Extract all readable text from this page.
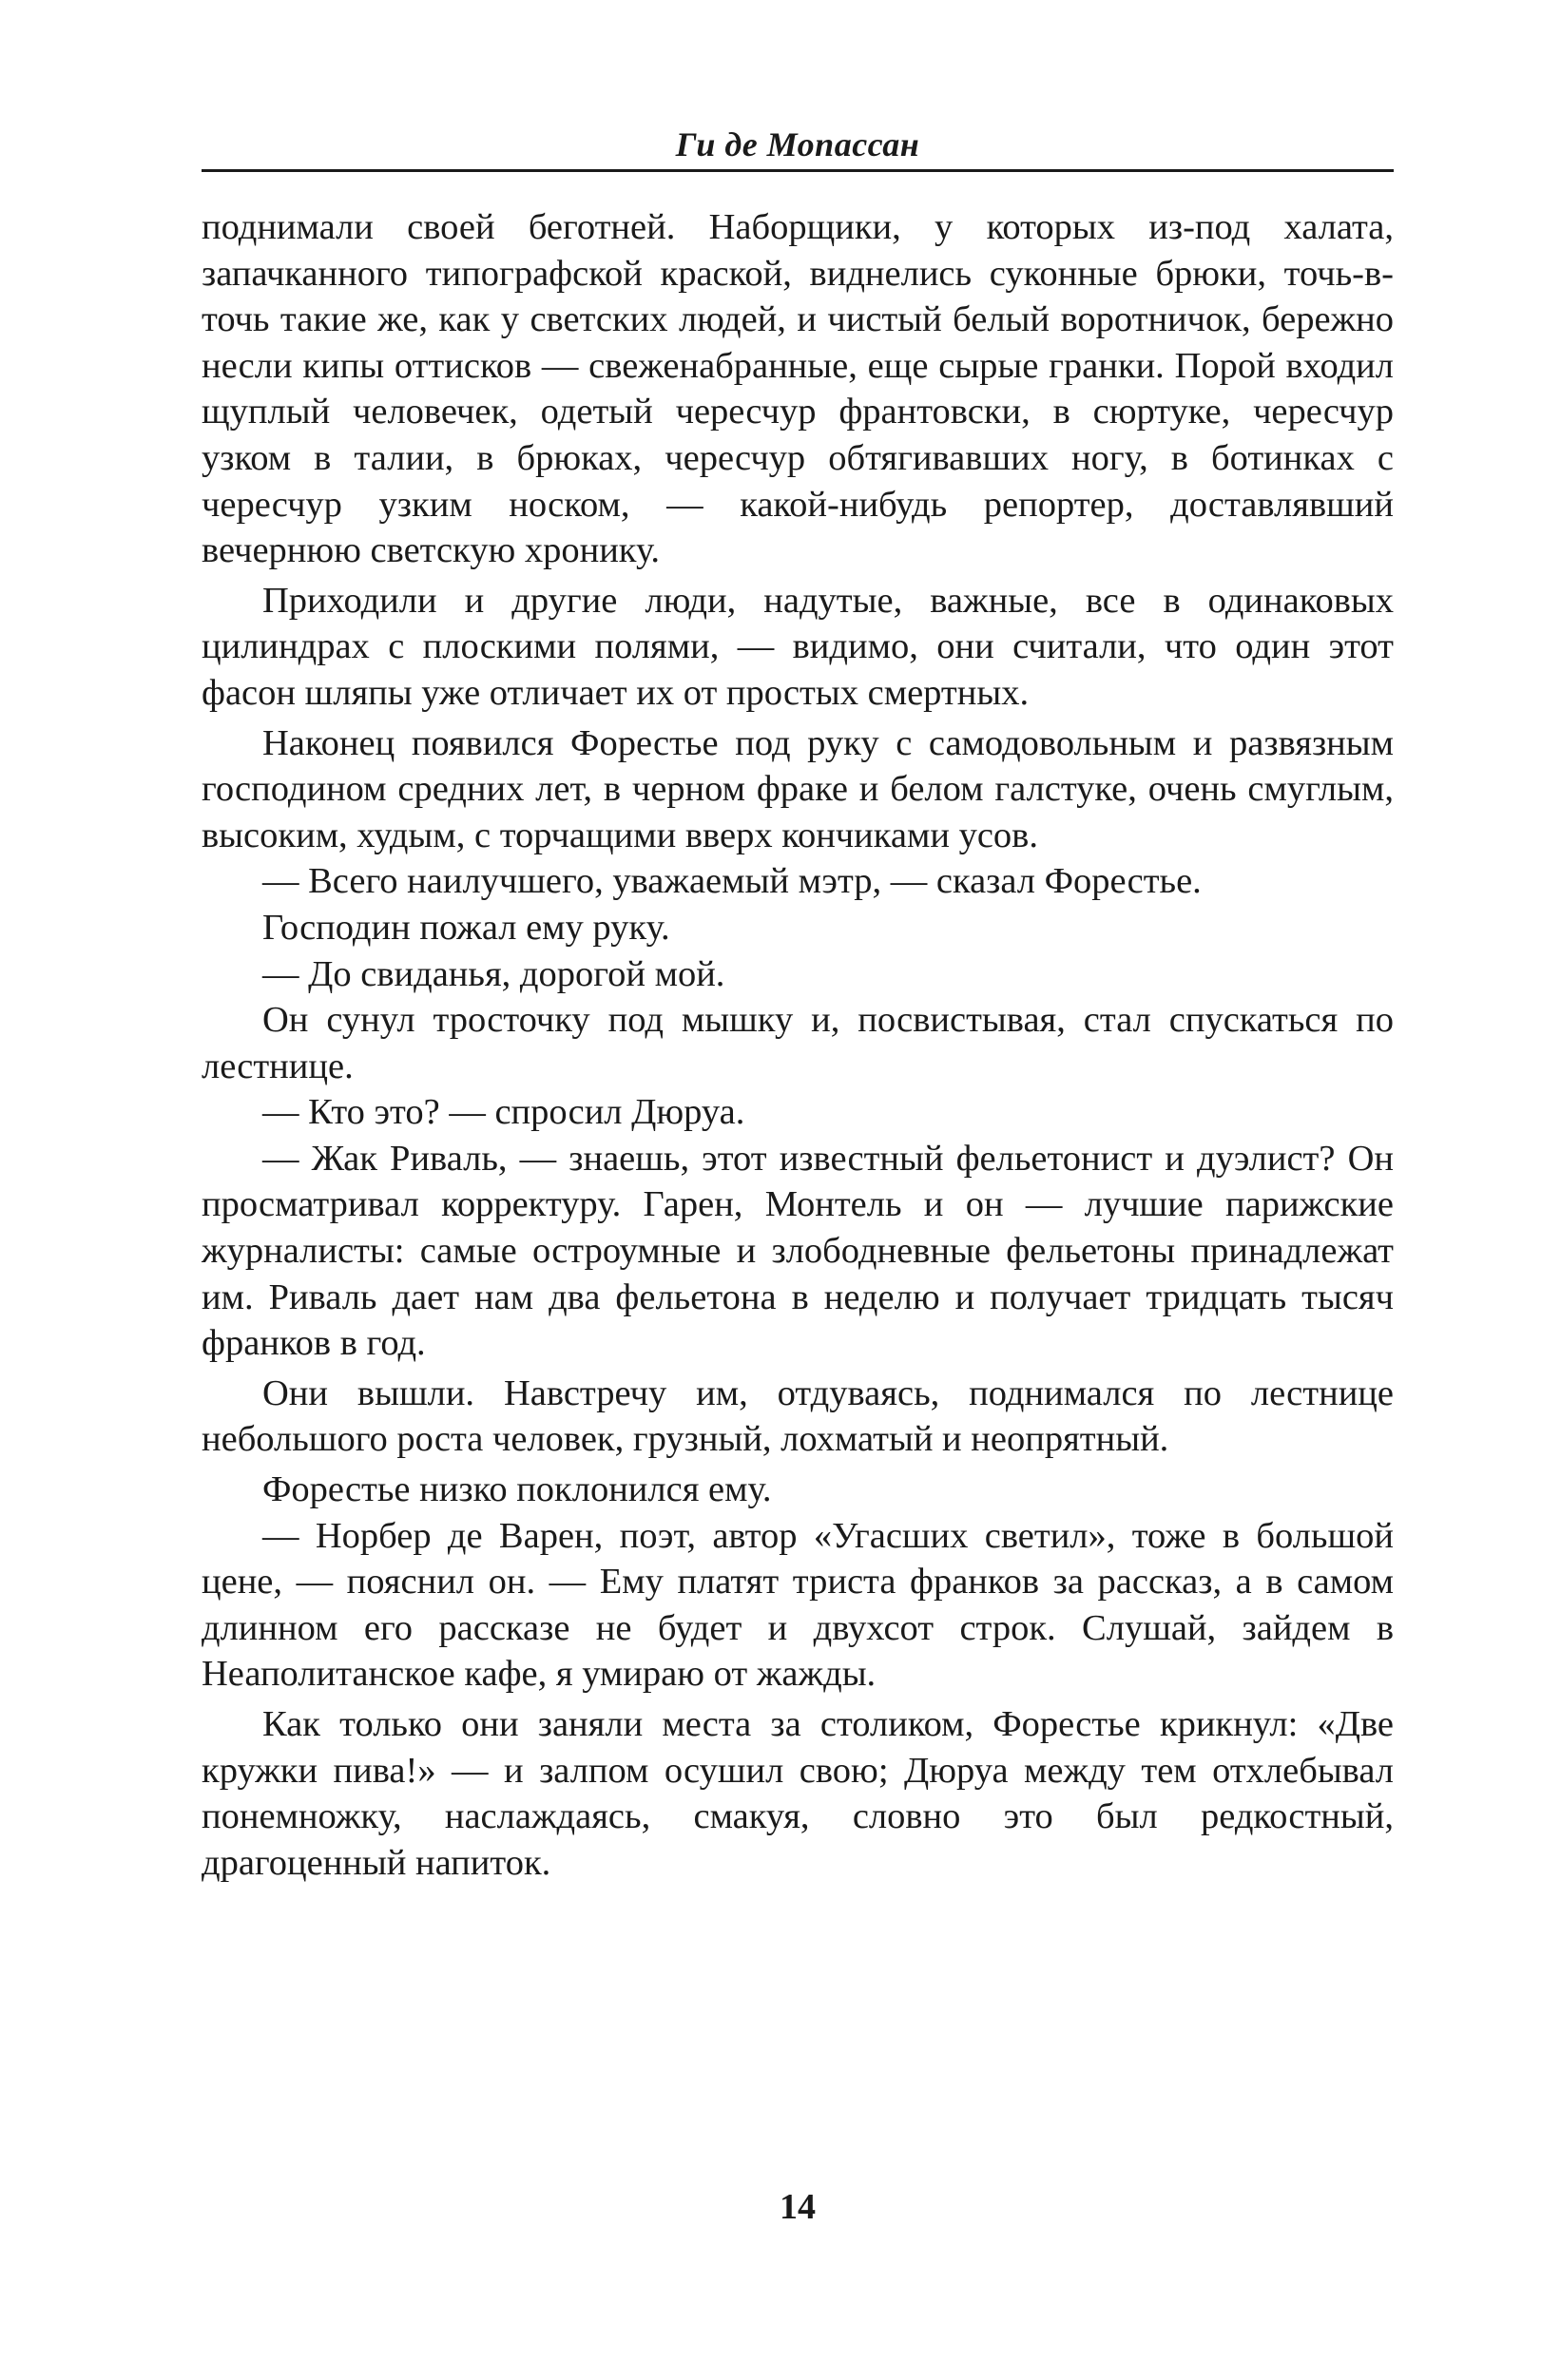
Ги де Мопассан

поднимали своей беготней. Наборщики, у которых из-под халата, запачканного типографской краской, виднелись суконные брюки, точь-в-точь такие же, как у светских людей, и чистый белый воротничок, бережно несли кипы оттисков — свеженабранные, еще сырые гранки. Порой входил щуплый человечек, одетый чересчур франтовски, в сюртуке, чересчур узком в талии, в брюках, чересчур обтягивавших ногу, в ботинках с чересчур узким носком, — какой-нибудь репортер, доставлявший вечернюю светскую хронику.

Приходили и другие люди, надутые, важные, все в одинаковых цилиндрах с плоскими полями, — видимо, они считали, что один этот фасон шляпы уже отличает их от простых смертных.

Наконец появился Форестье под руку с самодовольным и развязным господином средних лет, в черном фраке и белом галстуке, очень смуглым, высоким, худым, с торчащими вверх кончиками усов.

— Всего наилучшего, уважаемый мэтр, — сказал Форестье.

Господин пожал ему руку.

— До свиданья, дорогой мой.

Он сунул тросточку под мышку и, посвистывая, стал спускаться по лестнице.

— Кто это? — спросил Дюруа.

— Жак Риваль, — знаешь, этот известный фельетонист и дуэлист? Он просматривал корректуру. Гарен, Монтель и он — лучшие парижские журналисты: самые остроумные и злободневные фельетоны принадлежат им. Риваль дает нам два фельетона в неделю и получает тридцать тысяч франков в год.

Они вышли. Навстречу им, отдуваясь, поднимался по лестнице небольшого роста человек, грузный, лохматый и неопрятный.

Форестье низко поклонился ему.

— Норбер де Варен, поэт, автор «Угасших светил», тоже в большой цене, — пояснил он. — Ему платят триста франков за рассказ, а в самом длинном его рассказе не будет и двухсот строк. Слушай, зайдем в Неаполитанское кафе, я умираю от жажды.

Как только они заняли места за столиком, Форестье крикнул: «Две кружки пива!» — и залпом осушил свою; Дюруа между тем отхлебывал понемножку, наслаждаясь, смакуя, словно это был редкостный, драгоценный напиток.

14
